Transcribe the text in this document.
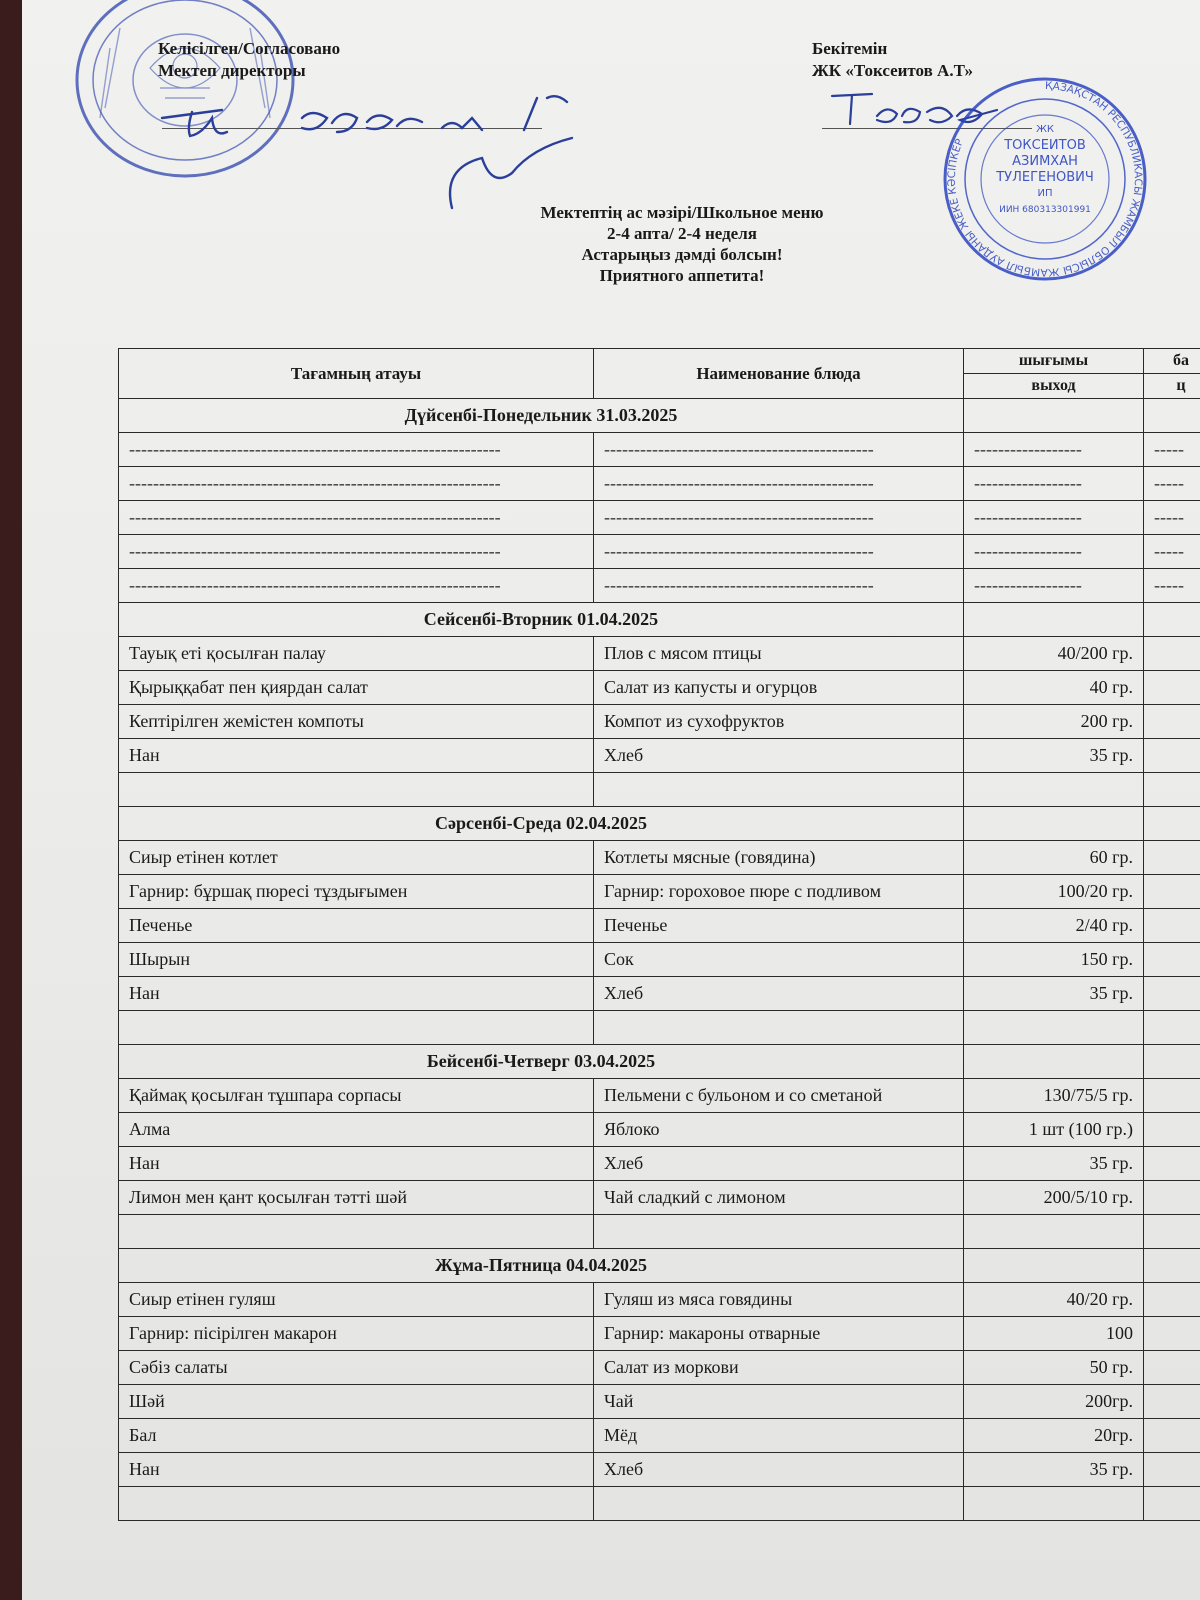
Келісілген/Согласовано
Мектеп директоры
Бекітемін
ЖК «Токсеитов А.Т»
ҚАЗАҚСТАН РЕСПУБЛИКАСЫ ЖАМБЫЛ ОБЛЫСЫ ЖАМБЫЛ АУДАНЫ ЖЕКЕ КӘСІПКЕР
ЖК
ТОКСЕИТОВ
АЗИМХАН
ТУЛЕГЕНОВИЧ
ИП
ИИН 680313301991
Мектептің ас мәзірі/Школьное меню
2-4 апта/ 2-4 неделя
Астарыңыз дәмді болсын!
Приятного аппетита!
Тағамның атауы	Наименование блюда	шығымы	ба
		выход	ц
Дүйсенбі-Понедельник 31.03.2025			
--------------------------------------------------------------	---------------------------------------------	------------------	-----
--------------------------------------------------------------	---------------------------------------------	------------------	-----
--------------------------------------------------------------	---------------------------------------------	------------------	-----
--------------------------------------------------------------	---------------------------------------------	------------------	-----
--------------------------------------------------------------	---------------------------------------------	------------------	-----
Сейсенбі-Вторник 01.04.2025			
Тауық еті қосылған палау	Плов с мясом птицы	40/200 гр.	
Қырыққабат пен қиярдан салат	Салат из капусты и огурцов	40 гр.	
Кептірілген жемістен компоты	Компот из сухофруктов	200 гр.	
Нан	Хлеб	35 гр.	

Сәрсенбі-Среда 02.04.2025			
Сиыр етінен котлет	Котлеты мясные (говядина)	60 гр.	
Гарнир: бұршақ пюресі тұздығымен	Гарнир: гороховое пюре с подливом	100/20 гр.	
Печенье	Печенье	2/40 гр.	
Шырын	Сок	150 гр.	
Нан	Хлеб	35 гр.	

Бейсенбі-Четверг 03.04.2025			
Қаймақ қосылған тұшпара сорпасы	Пельмени с бульоном и со сметаной	130/75/5 гр.	
Алма	Яблоко	1 шт (100 гр.)	
Нан	Хлеб	35 гр.	
Лимон мен қант қосылған тәтті шәй	Чай сладкий с лимоном	200/5/10 гр.	

Жұма-Пятница 04.04.2025			
Сиыр етінен гуляш	Гуляш из мяса говядины	40/20 гр.	
Гарнир: пісірілген макарон	Гарнир: макароны отварные	100	
Сәбіз салаты	Салат из моркови	50 гр.	
Шәй	Чай	200гр.	
Бал	Мёд	20гр.	
Нан	Хлеб	35 гр.	
